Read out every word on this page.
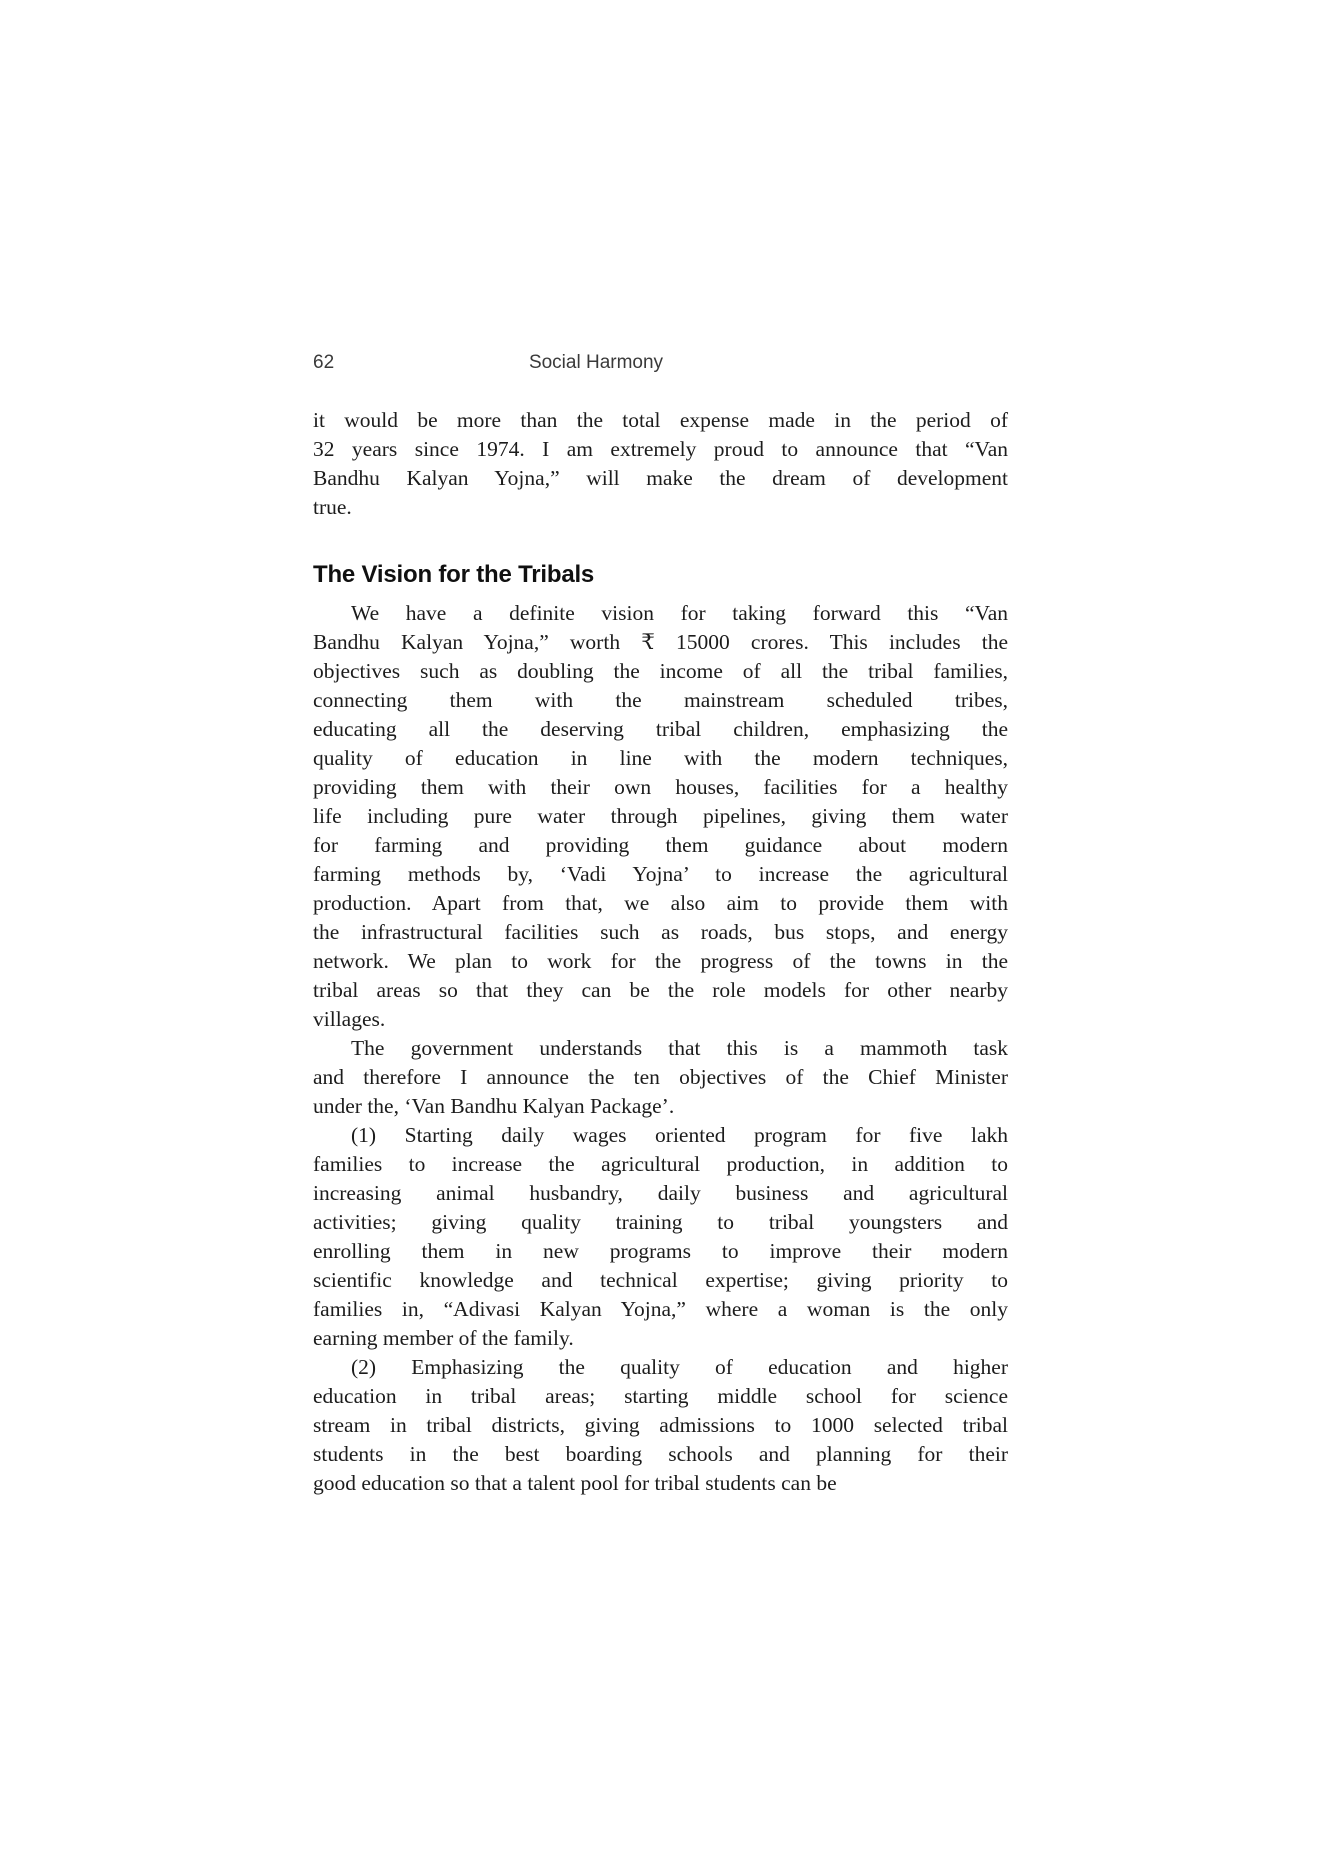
62	Social Harmony
it would be more than the total expense made in the period of
32 years since 1974. I am extremely proud to announce that “Van
Bandhu Kalyan Yojna,” will make the dream of development
true.
The Vision for the Tribals
We have a definite vision for taking forward this “Van
Bandhu Kalyan Yojna,” worth ₹ 15000 crores. This includes the
objectives such as doubling the income of all the tribal families,
connecting them with the mainstream scheduled tribes,
educating all the deserving tribal children, emphasizing the
quality of education in line with the modern techniques,
providing them with their own houses, facilities for a healthy
life including pure water through pipelines, giving them water
for farming and providing them guidance about modern
farming methods by, ‘Vadi Yojna’ to increase the agricultural
production. Apart from that, we also aim to provide them with
the infrastructural facilities such as roads, bus stops, and energy
network. We plan to work for the progress of the towns in the
tribal areas so that they can be the role models for other nearby
villages.
The government understands that this is a mammoth task
and therefore I announce the ten objectives of the Chief Minister
under the, ‘Van Bandhu Kalyan Package’.
(1) Starting daily wages oriented program for five lakh
families to increase the agricultural production, in addition to
increasing animal husbandry, daily business and agricultural
activities; giving quality training to tribal youngsters and
enrolling them in new programs to improve their modern
scientific knowledge and technical expertise; giving priority to
families in, “Adivasi Kalyan Yojna,” where a woman is the only
earning member of the family.
(2) Emphasizing the quality of education and higher
education in tribal areas; starting middle school for science
stream in tribal districts, giving admissions to 1000 selected tribal
students in the best boarding schools and planning for their
good education so that a talent pool for tribal students can be
